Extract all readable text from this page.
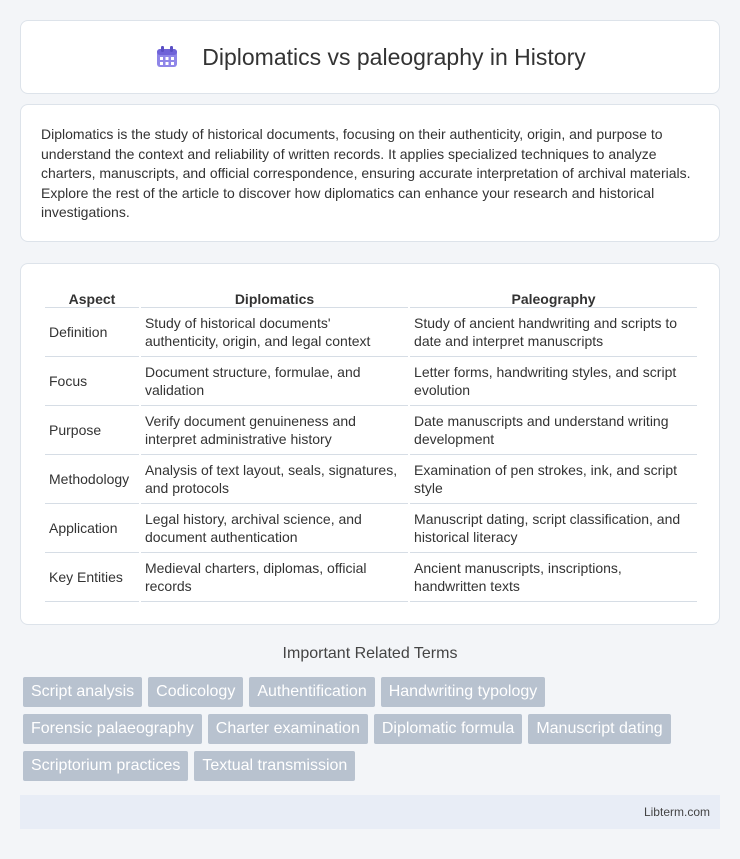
Diplomatics vs paleography in History

Diplomatics is the study of historical documents, focusing on their authenticity, origin, and purpose to understand the context and reliability of written records. It applies specialized techniques to analyze charters, manuscripts, and official correspondence, ensuring accurate interpretation of archival materials. Explore the rest of the article to discover how diplomatics can enhance your research and historical investigations.

Aspect	Diplomatics	Paleography
Definition	Study of historical documents' authenticity, origin, and legal context	Study of ancient handwriting and scripts to date and interpret manuscripts
Focus	Document structure, formulae, and validation	Letter forms, handwriting styles, and script evolution
Purpose	Verify document genuineness and interpret administrative history	Date manuscripts and understand writing development
Methodology	Analysis of text layout, seals, signatures, and protocols	Examination of pen strokes, ink, and script style
Application	Legal history, archival science, and document authentication	Manuscript dating, script classification, and historical literacy
Key Entities	Medieval charters, diplomas, official records	Ancient manuscripts, inscriptions, handwritten texts
Important Related Terms
Script analysis	Codicology	Authentification	Handwriting typology
Forensic palaeography	Charter examination	Diplomatic formula	Manuscript dating
Scriptorium practices	Textual transmission
Libterm.com
